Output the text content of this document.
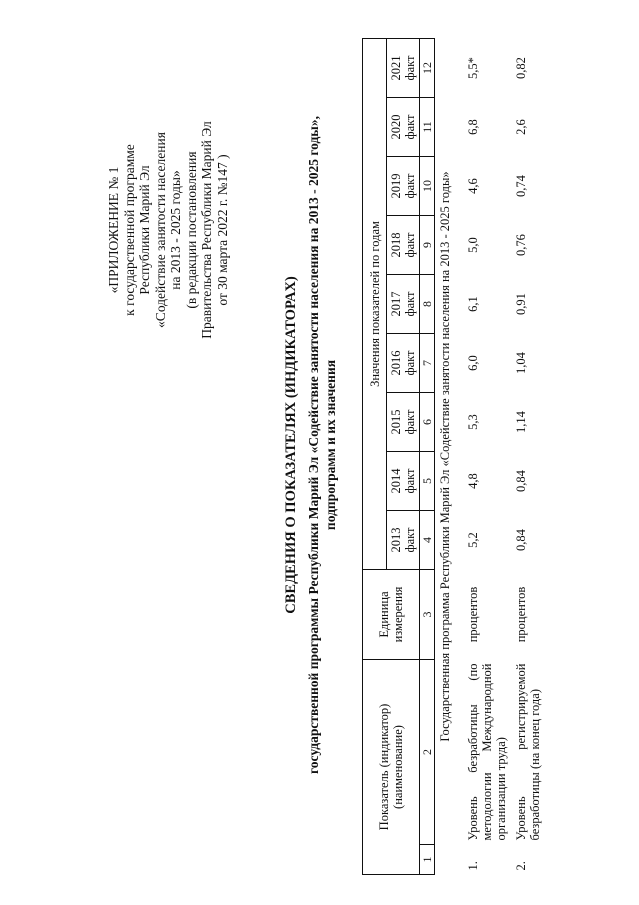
«ПРИЛОЖЕНИЕ № 1 к государственной программе Республики Марий Эл «Содействие занятости населения на 2013 - 2025 годы» (в редакции постановления Правительства Республики Марий Эл от 30 марта 2022 г. №147 )
СВЕДЕНИЯ О ПОКАЗАТЕЛЯХ (ИНДИКАТОРАХ) государственной программы Республики Марий Эл «Содействие занятости населения на 2013 - 2025 годы», подпрограмм и их значения
Показатель (индикатор) (наименование)		Единица измерения	Значения показателей по годам								
			2013 факт	2014 факт	2015 факт	2016 факт	2017 факт	2018 факт	2019 факт	2020 факт	2021 факт
1	2	3	4	5	6	7	8	9	10	11	12
Государственная программа Республики Марий Эл «Содействие занятости населения на 2013 - 2025 годы»											
1.	Уровень безработицы (по методологии Международной организации труда)	процентов	5,2	4,8	5,3	6,0	6,1	5,0	4,6	6,8	5,5*
2.	Уровень регистрируемой безработицы (на конец года)	процентов	0,84	0,84	1,14	1,04	0,91	0,76	0,74	2,6	0,82
